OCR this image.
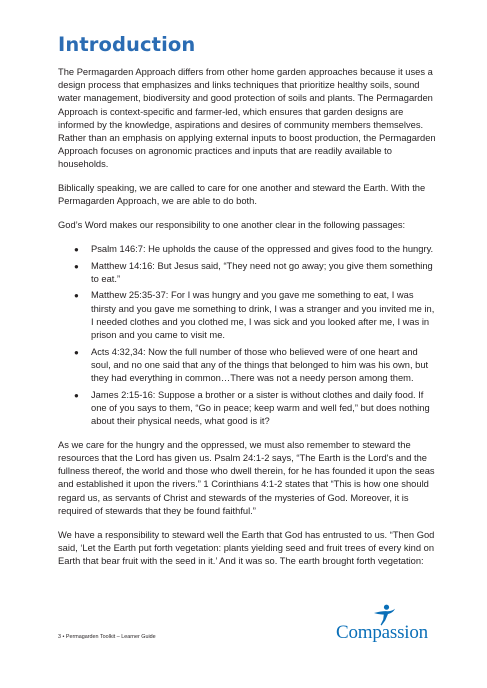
Introduction

The Permagarden Approach differs from other home garden approaches because it uses a design process that emphasizes and links techniques that prioritize healthy soils, sound water management, biodiversity and good protection of soils and plants. The Permagarden Approach is context-specific and farmer-led, which ensures that garden designs are informed by the knowledge, aspirations and desires of community members themselves. Rather than an emphasis on applying external inputs to boost production, the Permagarden Approach focuses on agronomic practices and inputs that are readily available to households.

Biblically speaking, we are called to care for one another and steward the Earth. With the Permagarden Approach, we are able to do both.

God’s Word makes our responsibility to one another clear in the following passages:

● Psalm 146:7: He upholds the cause of the oppressed and gives food to the hungry.
● Matthew 14:16: But Jesus said, “They need not go away; you give them something to eat.”
● Matthew 25:35-37: For I was hungry and you gave me something to eat, I was thirsty and you gave me something to drink, I was a stranger and you invited me in, I needed clothes and you clothed me, I was sick and you looked after me, I was in prison and you came to visit me.
● Acts 4:32,34: Now the full number of those who believed were of one heart and soul, and no one said that any of the things that belonged to him was his own, but they had everything in common…There was not a needy person among them.
● James 2:15-16: Suppose a brother or a sister is without clothes and daily food. If one of you says to them, “Go in peace; keep warm and well fed,” but does nothing about their physical needs, what good is it?

As we care for the hungry and the oppressed, we must also remember to steward the resources that the Lord has given us. Psalm 24:1-2 says, “The Earth is the Lord's and the fullness thereof, the world and those who dwell therein, for he has founded it upon the seas and established it upon the rivers.” 1 Corinthians 4:1-2 states that “This is how one should regard us, as servants of Christ and stewards of the mysteries of God. Moreover, it is required of stewards that they be found faithful.”

We have a responsibility to steward well the Earth that God has entrusted to us. “Then God said, ‘Let the Earth put forth vegetation: plants yielding seed and fruit trees of every kind on Earth that bear fruit with the seed in it.’ And it was so. The earth brought forth vegetation:

3 • Permagarden Toolkit – Learner Guide	Compassion
